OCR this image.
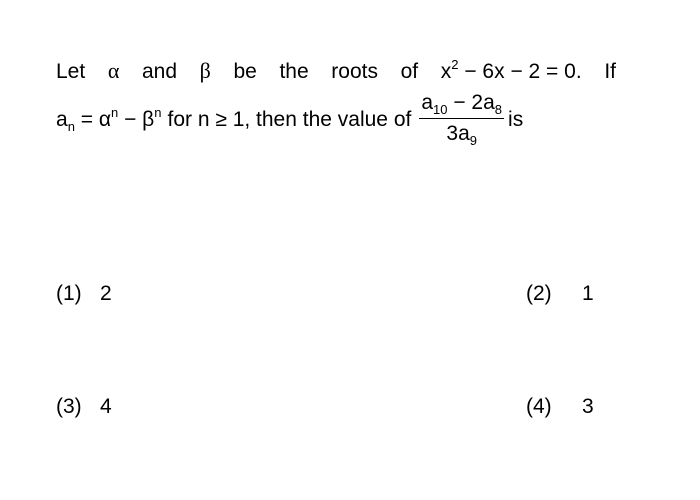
Let α and β be the roots of $x^2 - 6x - 2 = 0$. If
$a_n = \alpha^n - \beta^n$ for n ≥ 1, then the value of $\frac{a_{10} - 2a_8}{3a_9}$ is
(1) 2	(2) 1
(3) 4	(4) 3
